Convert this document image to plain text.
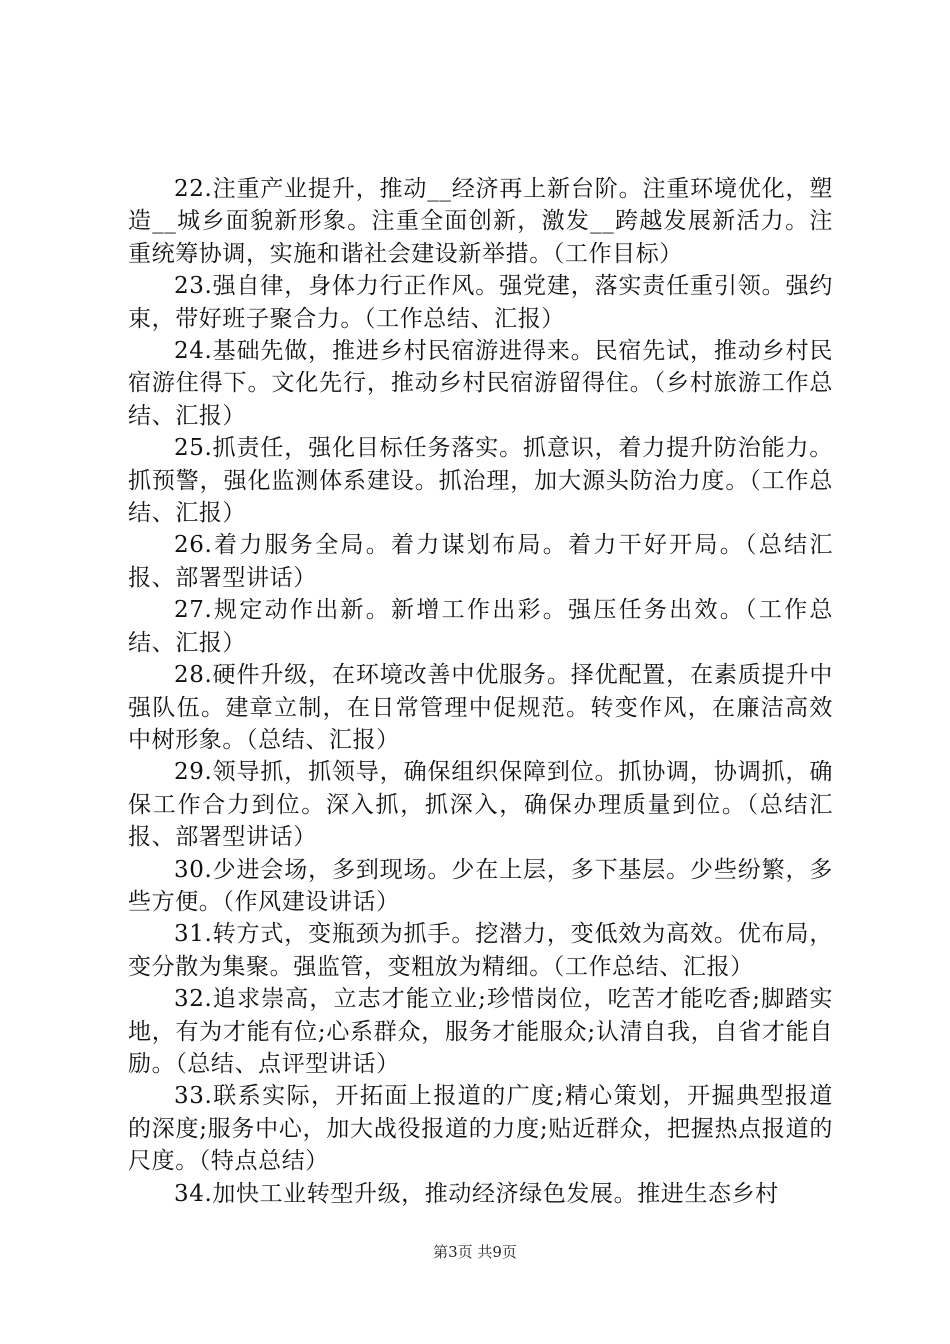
22.注重产业提升，推动__经济再上新台阶。注重环境优化，塑造__城乡面貌新形象。注重全面创新，激发__跨越发展新活力。注重统筹协调，实施和谐社会建设新举措。（工作目标）

23.强自律，身体力行正作风。强党建，落实责任重引领。强约束，带好班子聚合力。（工作总结、汇报）

24.基础先做，推进乡村民宿游进得来。民宿先试，推动乡村民宿游住得下。文化先行，推动乡村民宿游留得住。（乡村旅游工作总结、汇报）

25.抓责任，强化目标任务落实。抓意识，着力提升防治能力。抓预警，强化监测体系建设。抓治理，加大源头防治力度。（工作总结、汇报）

26.着力服务全局。着力谋划布局。着力干好开局。（总结汇报、部署型讲话）

27.规定动作出新。新增工作出彩。强压任务出效。（工作总结、汇报）

28.硬件升级，在环境改善中优服务。择优配置，在素质提升中强队伍。建章立制，在日常管理中促规范。转变作风，在廉洁高效中树形象。（总结、汇报）

29.领导抓，抓领导，确保组织保障到位。抓协调，协调抓，确保工作合力到位。深入抓，抓深入，确保办理质量到位。（总结汇报、部署型讲话）

30.少进会场，多到现场。少在上层，多下基层。少些纷繁，多些方便。（作风建设讲话）

31.转方式，变瓶颈为抓手。挖潜力，变低效为高效。优布局，变分散为集聚。强监管，变粗放为精细。（工作总结、汇报）

32.追求崇高，立志才能立业;珍惜岗位，吃苦才能吃香;脚踏实地，有为才能有位;心系群众，服务才能服众;认清自我，自省才能自励。（总结、点评型讲话）

33.联系实际，开拓面上报道的广度;精心策划，开掘典型报道的深度;服务中心，加大战役报道的力度;贴近群众，把握热点报道的尺度。（特点总结）

34.加快工业转型升级，推动经济绿色发展。推进生态乡村

第3页 共9页
